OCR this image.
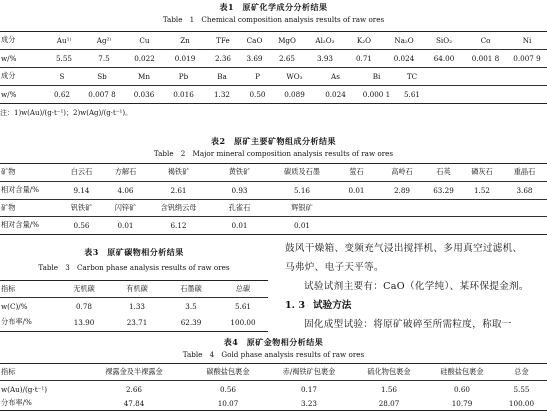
表1　原矿化学成分分析结果
Table　1　Chemical composition analysis results of raw ores
成分	Au¹⁾	Ag²⁾	Cu	Zn	TFe	CaO	MgO	Al₂O₃	K₂O	Na₂O	SiO₂	Co	Ni
w/%	5.55	7.5	0.022	0.019	2.36	3.69	2.65	3.93	0.71	0.024	64.00	0.001 8	0.007 9
成分	S	Sb	Mn	Pb	Ba	P	WO₃	As	Bi	TC
w/%	0.62	0.007 8	0.036	0.016	1.32	0.50	0.089	0.024	0.000 1	5.61
注：1)w(Au)/(g·t⁻¹)；2)w(Ag)/(g·t⁻¹)。
表2　原矿主要矿物组成分析结果
Table　2　Major mineral composition analysis results of raw ores
矿物	白云石	方解石	褐铁矿	黄铁矿	碳质及石墨	萤石	高岭石	石英	磷灰石	重晶石
相对含量/%	9.14	4.06	2.61	0.93	5.16	0.01	2.89	63.29	1.52	3.68
矿物	钒铁矿	闪锌矿	含钒绢云母	孔雀石	辉银矿
相对含量/%	0.56	0.01	6.12	0.01	0.01
表3　原矿碳物相分析结果
Table　3　Carbon phase analysis results of raw ores
指标	无机碳	有机碳	石墨碳	总碳
w(C)/%	0.78	1.33	3.5	5.61
分布率/%	13.90	23.71	62.39	100.00
鼓风干燥箱、变频充气浸出搅拌机、多用真空过滤机、
马弗炉、电子天平等。
试验试剂主要有：CaO（化学纯）、某环保提金剂。
1. 3 试验方法
固化成型试验：将原矿破碎至所需粒度，称取一
表4　原矿金物相分析结果
Table　4　Gold phase analysis results of raw ores
指标	裸露金及半裸露金	碳酸盐包裹金	赤/褐铁矿包裹金	硫化物包裹金	硅酸盐包裹金	总金
w(Au)/(g·t⁻¹)	2.66	0.56	0.17	1.56	0.60	5.55
分布率/%	47.84	10.07	3.23	28.07	10.79	100.00
